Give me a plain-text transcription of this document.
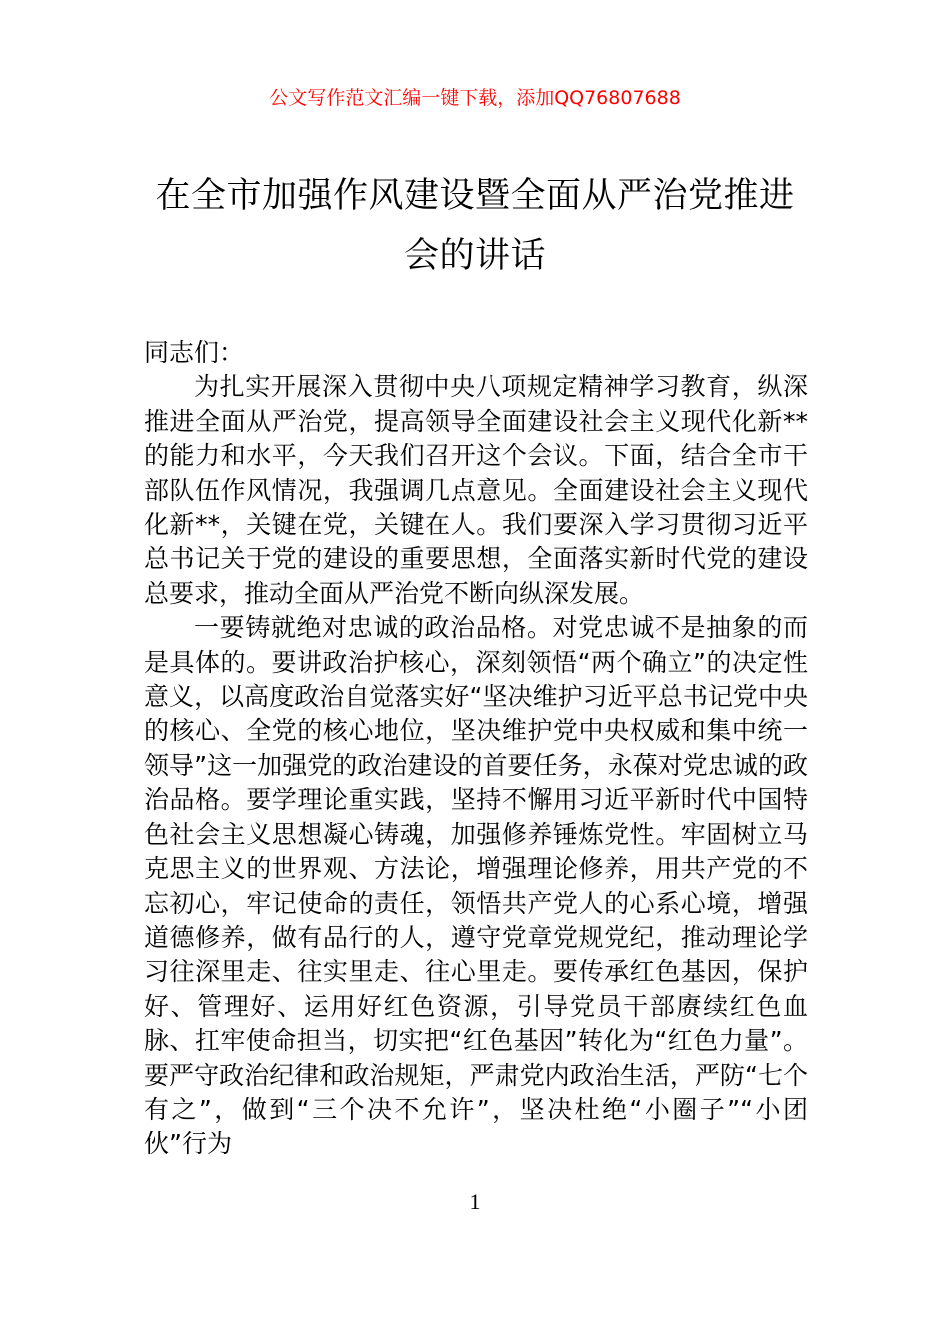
公文写作范文汇编一键下载，添加QQ76807688
在全市加强作风建设暨全面从严治党推进
会的讲话

同志们：

为扎实开展深入贯彻中央八项规定精神学习教育，纵深推进全面从严治党，提高领导全面建设社会主义现代化新**的能力和水平，今天我们召开这个会议。下面，结合全市干部队伍作风情况，我强调几点意见。全面建设社会主义现代化新**，关键在党，关键在人。我们要深入学习贯彻习近平总书记关于党的建设的重要思想，全面落实新时代党的建设总要求，推动全面从严治党不断向纵深发展。

一要铸就绝对忠诚的政治品格。对党忠诚不是抽象的而是具体的。要讲政治护核心，深刻领悟“两个确立”的决定性意义，以高度政治自觉落实好“坚决维护习近平总书记党中央的核心、全党的核心地位，坚决维护党中央权威和集中统一领导”这一加强党的政治建设的首要任务，永葆对党忠诚的政治品格。要学理论重实践，坚持不懈用习近平新时代中国特色社会主义思想凝心铸魂，加强修养锤炼党性。牢固树立马克思主义的世界观、方法论，增强理论修养，用共产党的不忘初心，牢记使命的责任，领悟共产党人的心系心境，增强道德修养，做有品行的人，遵守党章党规党纪，推动理论学习往深里走、往实里走、往心里走。要传承红色基因，保护好、管理好、运用好红色资源，引导党员干部赓续红色血脉、扛牢使命担当，切实把“红色基因”转化为“红色力量”。要严守政治纪律和政治规矩，严肃党内政治生活，严防“七个有之”，做到“三个决不允许”，坚决杜绝“小圈子”“小团伙”行为

1
